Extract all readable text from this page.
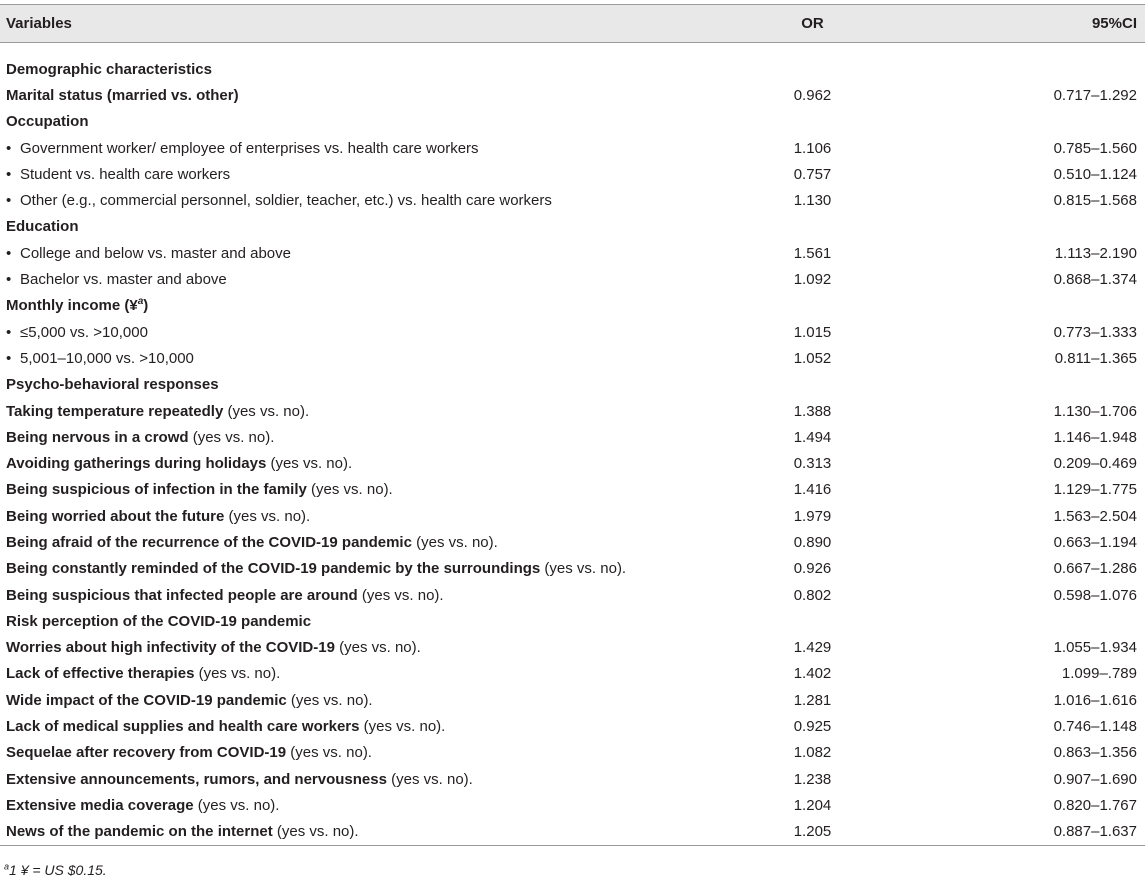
Variables	OR	95%CI

Demographic characteristics		
Marital status (married vs. other)	0.962	0.717–1.292
Occupation		
• Government worker/ employee of enterprises vs. health care workers	1.106	0.785–1.560
• Student vs. health care workers	0.757	0.510–1.124
• Other (e.g., commercial personnel, soldier, teacher, etc.) vs. health care workers	1.130	0.815–1.568
Education		
• College and below vs. master and above	1.561	1.113–2.190
• Bachelor vs. master and above	1.092	0.868–1.374
Monthly income (¥$^a$)		
• ≤5,000 vs. >10,000	1.015	0.773–1.333
• 5,001–10,000 vs. >10,000	1.052	0.811–1.365
Psycho-behavioral responses		
Taking temperature repeatedly (yes vs. no).	1.388	1.130–1.706
Being nervous in a crowd (yes vs. no).	1.494	1.146–1.948
Avoiding gatherings during holidays (yes vs. no).	0.313	0.209–0.469
Being suspicious of infection in the family (yes vs. no).	1.416	1.129–1.775
Being worried about the future (yes vs. no).	1.979	1.563–2.504
Being afraid of the recurrence of the COVID-19 pandemic (yes vs. no).	0.890	0.663–1.194
Being constantly reminded of the COVID-19 pandemic by the surroundings (yes vs. no).	0.926	0.667–1.286
Being suspicious that infected people are around (yes vs. no).	0.802	0.598–1.076
Risk perception of the COVID-19 pandemic		
Worries about high infectivity of the COVID-19 (yes vs. no).	1.429	1.055–1.934
Lack of effective therapies (yes vs. no).	1.402	1.099–.789
Wide impact of the COVID-19 pandemic (yes vs. no).	1.281	1.016–1.616
Lack of medical supplies and health care workers (yes vs. no).	0.925	0.746–1.148
Sequelae after recovery from COVID-19 (yes vs. no).	1.082	0.863–1.356
Extensive announcements, rumors, and nervousness (yes vs. no).	1.238	0.907–1.690
Extensive media coverage (yes vs. no).	1.204	0.820–1.767
News of the pandemic on the internet (yes vs. no).	1.205	0.887–1.637
$^a$1 ¥ = US $0.15.
